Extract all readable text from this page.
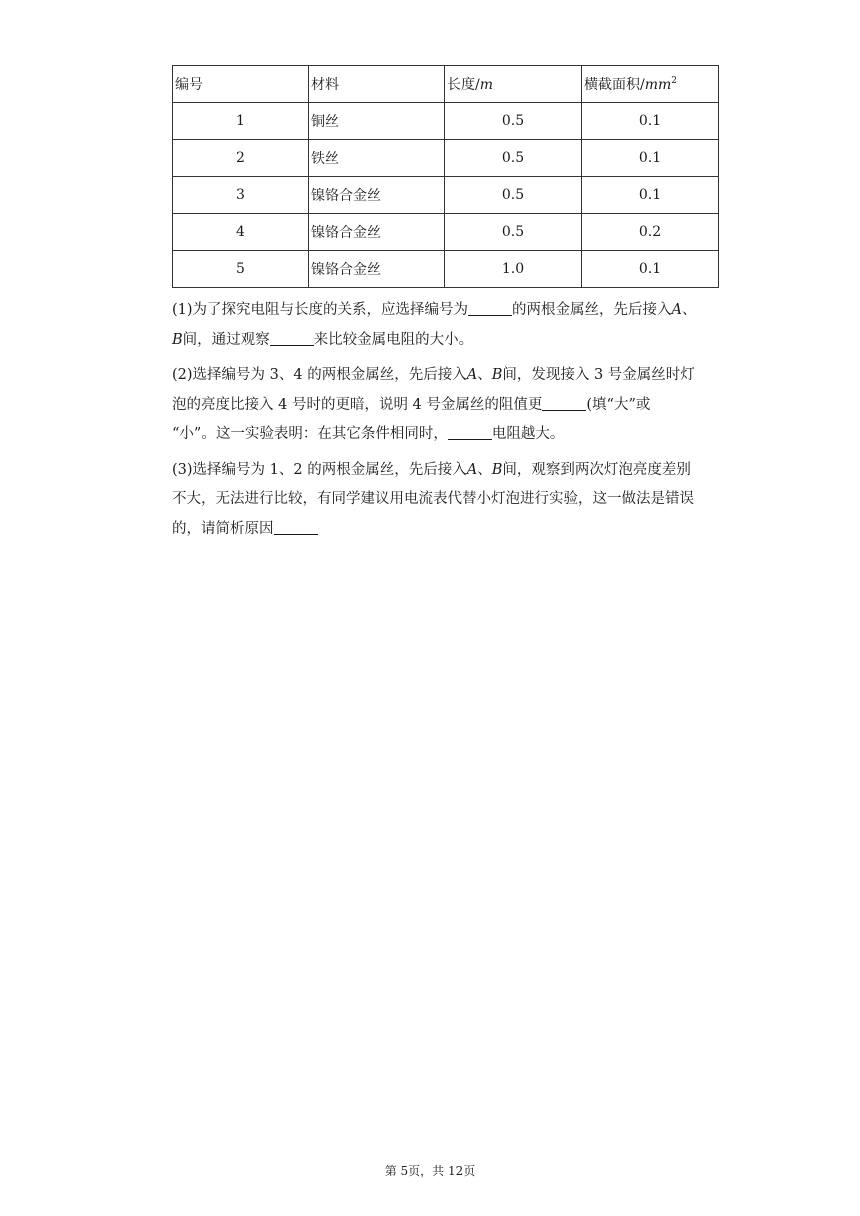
编号	材料	长度/m	横截面积$/mm^2$
1	铜丝	0.5	0.1
2	铁丝	0.5	0.1
3	镍铬合金丝	0.5	0.1
4	镍铬合金丝	0.5	0.2
5	镍铬合金丝	1.0	0.1
(1)为了探究电阻与长度的关系，应选择编号为	的两根金属丝，先后接入A、
B间，通过观察	来比较金属电阻的大小。
(2)选择编号为 3、4 的两根金属丝，先后接入A、B间，发现接入 3 号金属丝时灯
泡的亮度比接入 4 号时的更暗，说明 4 号金属丝的阻值更	(填“大”或
“小”。这一实验表明：在其它条件相同时，	电阻越大。
(3)选择编号为 1、2 的两根金属丝，先后接入A、B间，观察到两次灯泡亮度差别
不大，无法进行比较，有同学建议用电流表代替小灯泡进行实验，这一做法是错误
的，请简析原因
第 5页，共 12页
